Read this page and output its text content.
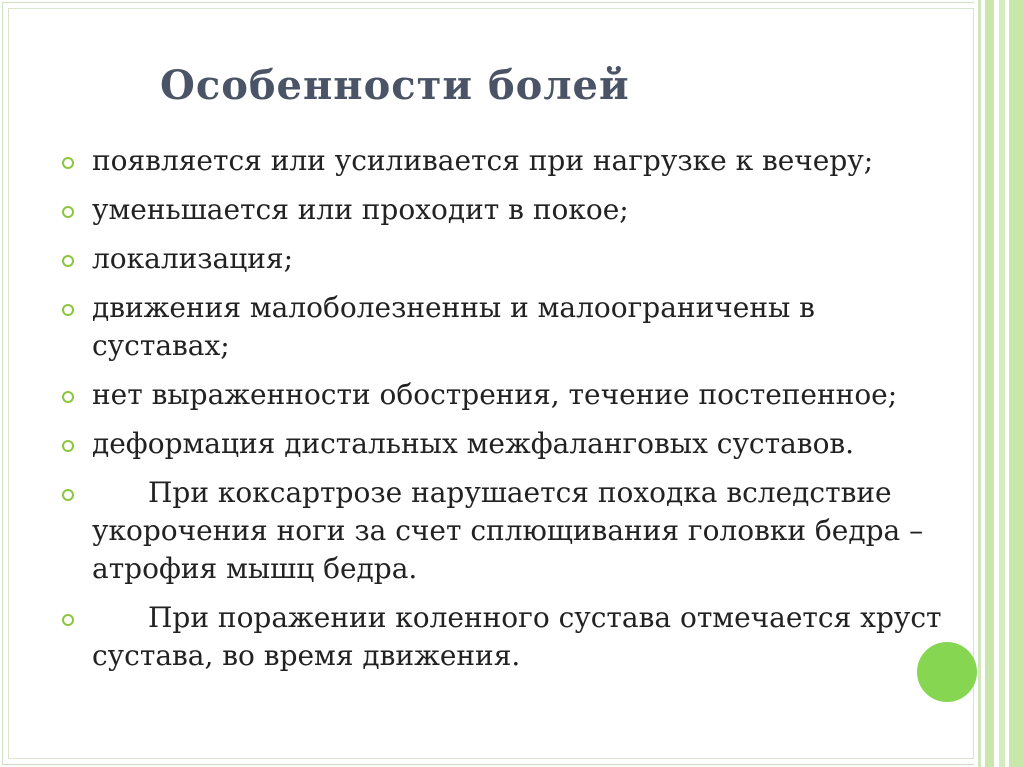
Особенности болей
появляется или усиливается при нагрузке к вечеру;
уменьшается или проходит в покое;
локализация;
движения малоболезненны и малоограничены в суставах;
нет выраженности обострения, течение постепенное;
деформация дистальных межфаланговых суставов.
При коксартрозе нарушается походка вследствие укорочения ноги за счет сплющивания головки бедра – атрофия мышц бедра.
При поражении коленного сустава отмечается хруст сустава, во время движения.
